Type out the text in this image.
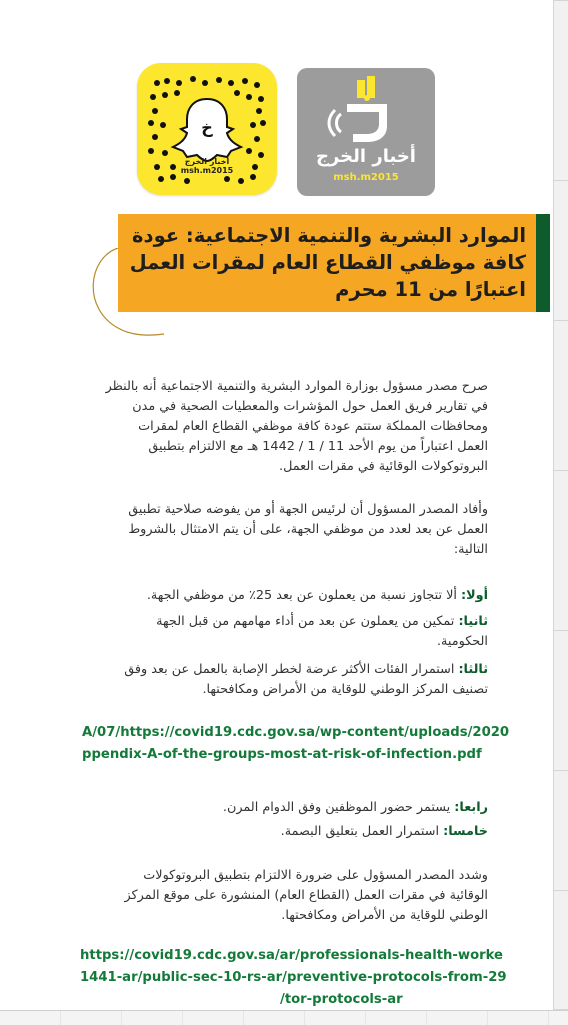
خ
أخبار الخرج
msh.m2015
أخبار الخرج
msh.m2015
الموارد البشرية والتنمية الاجتماعية: عودة
كافة موظفي القطاع العام لمقرات العمل
اعتبارًا من 11 محرم
صرح مصدر مسؤول بوزارة الموارد البشرية والتنمية الاجتماعية أنه بالنظر
في تقارير فريق العمل حول المؤشرات والمعطيات الصحية في مدن
ومحافظات المملكة ستتم عودة كافة موظفي القطاع العام لمقرات
العمل اعتباراً من يوم الأحد 11 / 1 / 1442 هـ مع الالتزام بتطبيق
البروتوكولات الوقائية في مقرات العمل.
وأفاد المصدر المسؤول أن لرئيس الجهة أو من يفوضه صلاحية تطبيق
العمل عن بعد لعدد من موظفي الجهة، على أن يتم الامتثال بالشروط
التالية:
أولا: ألا تتجاوز نسبة من يعملون عن بعد 25٪ من موظفي الجهة.
ثانيا: تمكين من يعملون عن بعد من أداء مهامهم من قبل الجهة
الحكومية.
ثالثا: استمرار الفئات الأكثر عرضة لخطر الإصابة بالعمل عن بعد وفق
تصنيف المركز الوطني للوقاية من الأمراض ومكافحتها.
A/07/https://covid19.cdc.gov.sa/wp-content/uploads/2020
ppendix-A-of-the-groups-most-at-risk-of-infection.pdf
رابعا: يستمر حضور الموظفين وفق الدوام المرن.
خامسا: استمرار العمل بتعليق البصمة.
وشدد المصدر المسؤول على ضرورة الالتزام بتطبيق البروتوكولات
الوقائية في مقرات العمل (القطاع العام) المنشورة على موقع المركز
الوطني للوقاية من الأمراض ومكافحتها.
https://covid19.cdc.gov.sa/ar/professionals-health-worke
1441-ar/public-sec-10-rs-ar/preventive-protocols-from-29
/tor-protocols-ar
